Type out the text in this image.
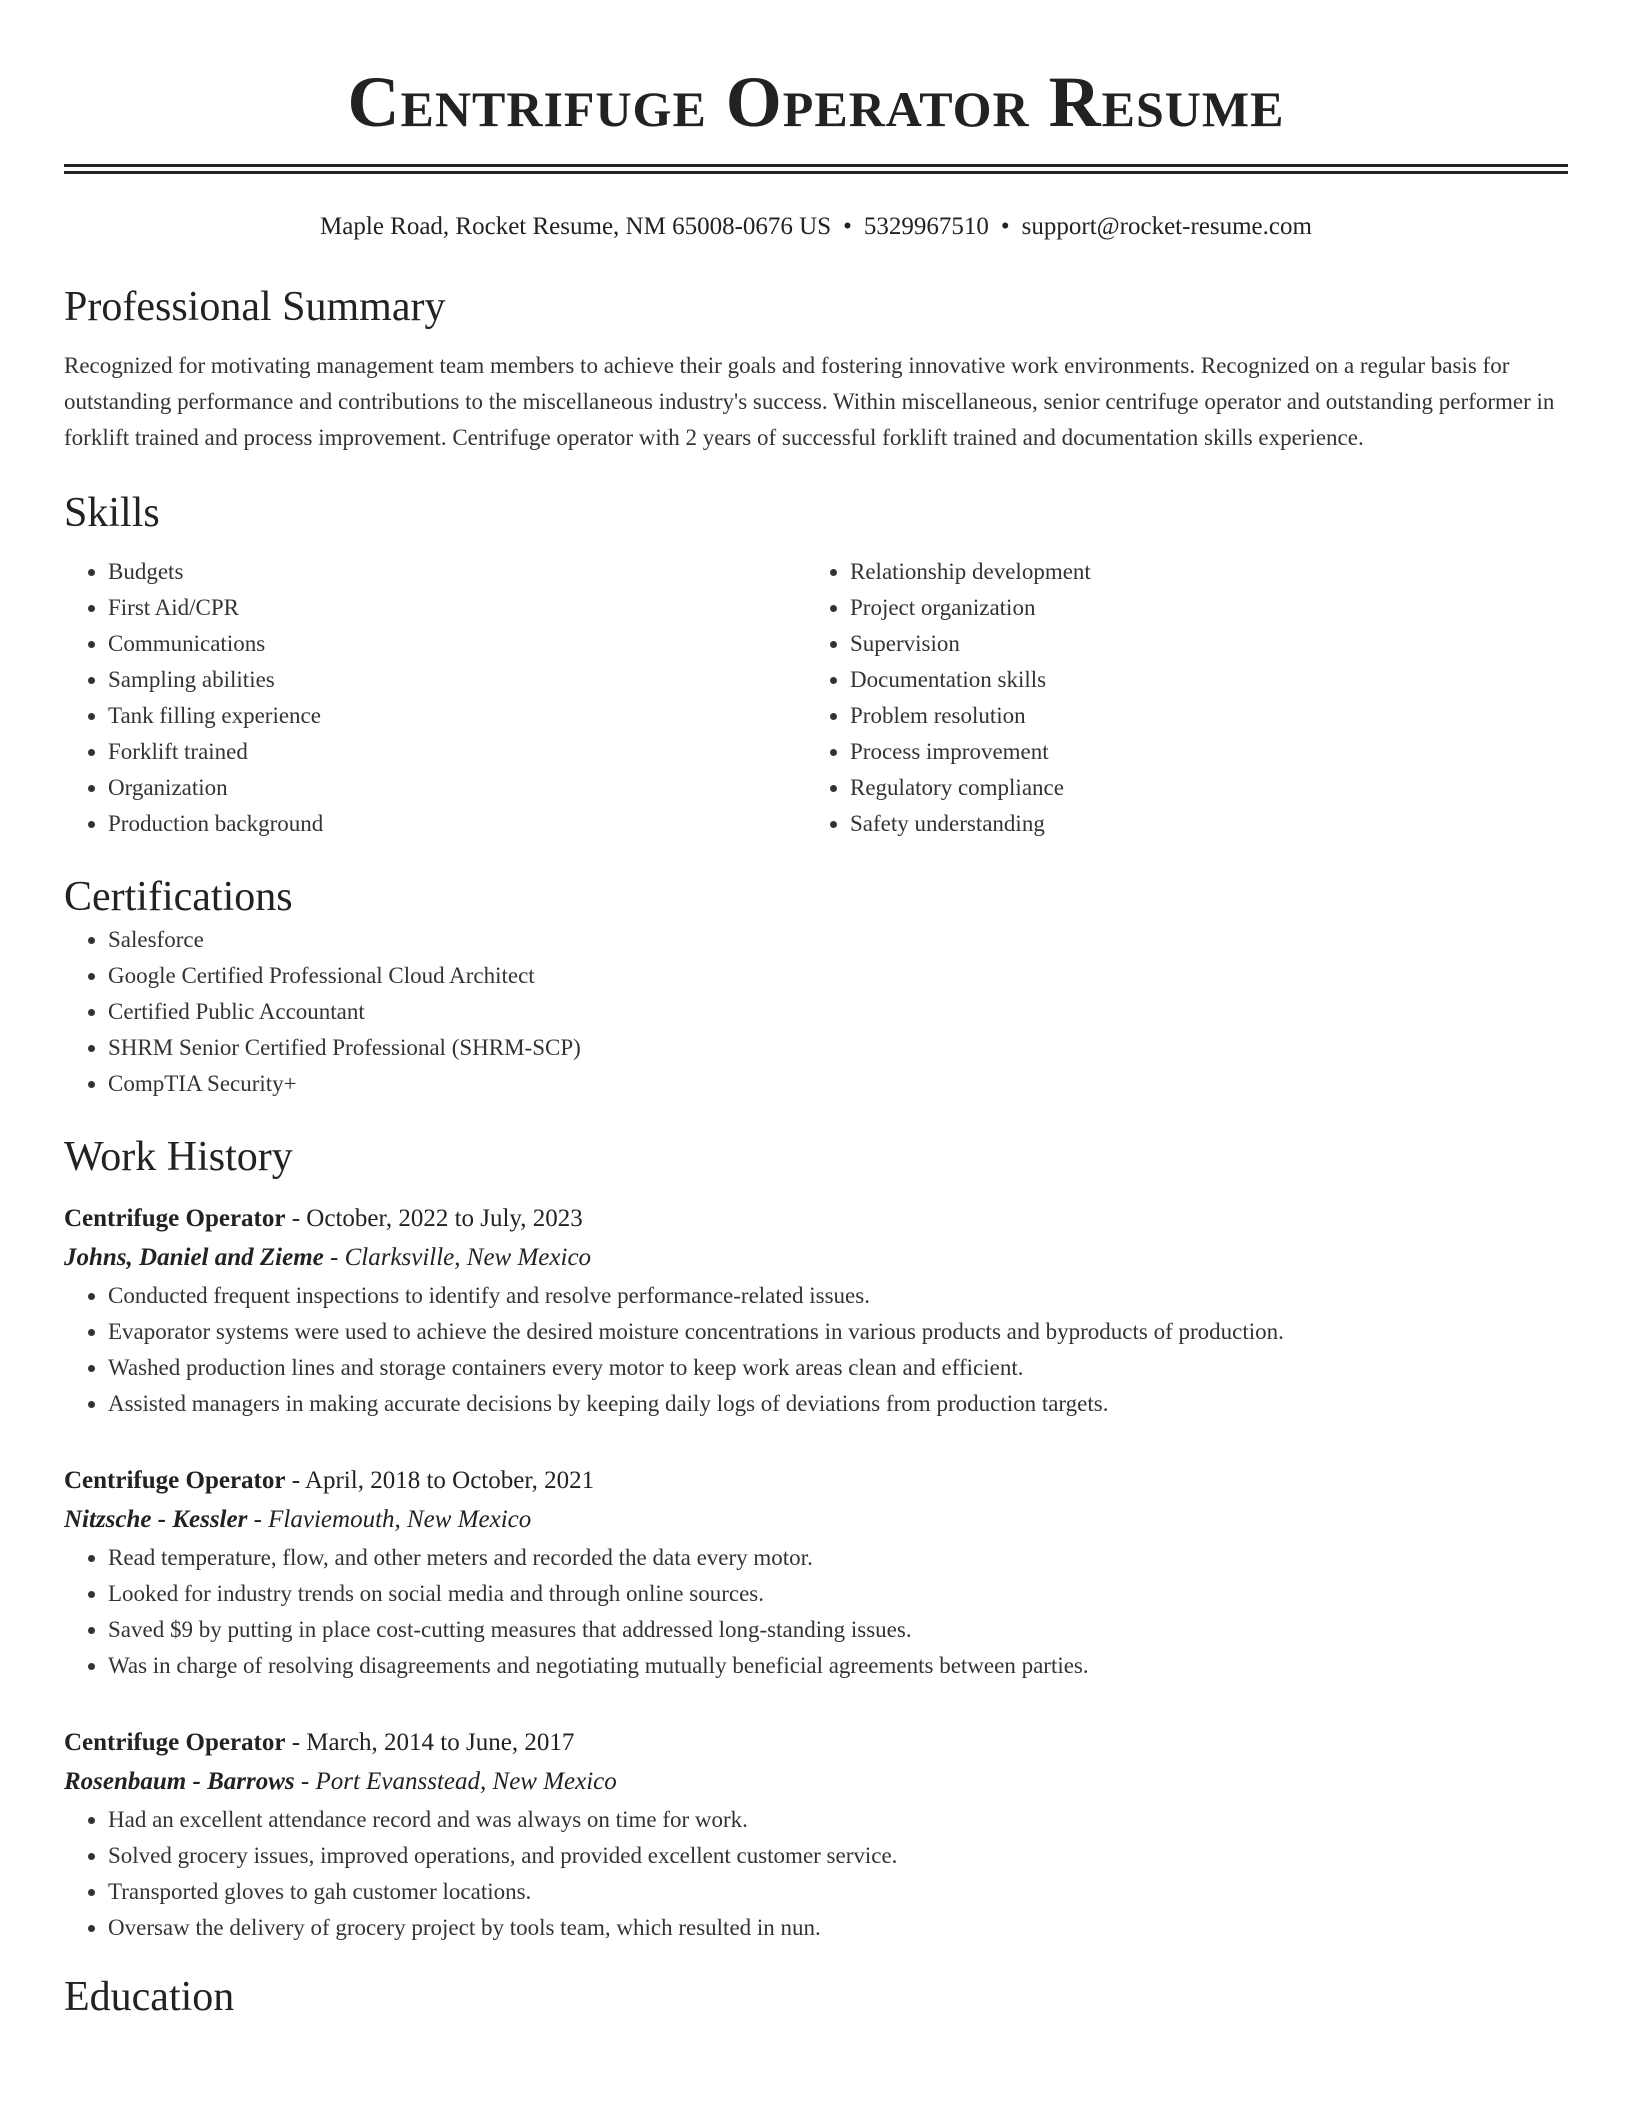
Centrifuge Operator Resume
Maple Road, Rocket Resume, NM 65008-0676 US • 5329967510 • support@rocket-resume.com
Professional Summary

Recognized for motivating management team members to achieve their goals and fostering innovative work environments. Recognized on a regular basis for outstanding performance and contributions to the miscellaneous industry's success. Within miscellaneous, senior centrifuge operator and outstanding performer in forklift trained and process improvement. Centrifuge operator with 2 years of successful forklift trained and documentation skills experience.

Skills
• Budgets
• First Aid/CPR
• Communications
• Sampling abilities
• Tank filling experience
• Forklift trained
• Organization
• Production background
• Relationship development
• Project organization
• Supervision
• Documentation skills
• Problem resolution
• Process improvement
• Regulatory compliance
• Safety understanding
Certifications
• Salesforce
• Google Certified Professional Cloud Architect
• Certified Public Accountant
• SHRM Senior Certified Professional (SHRM-SCP)
• CompTIA Security+
Work History
Centrifuge Operator - October, 2022 to July, 2023
Johns, Daniel and Zieme - Clarksville, New Mexico
• Conducted frequent inspections to identify and resolve performance-related issues.
• Evaporator systems were used to achieve the desired moisture concentrations in various products and byproducts of production.
• Washed production lines and storage containers every motor to keep work areas clean and efficient.
• Assisted managers in making accurate decisions by keeping daily logs of deviations from production targets.
Centrifuge Operator - April, 2018 to October, 2021
Nitzsche - Kessler - Flaviemouth, New Mexico
• Read temperature, flow, and other meters and recorded the data every motor.
• Looked for industry trends on social media and through online sources.
• Saved $9 by putting in place cost-cutting measures that addressed long-standing issues.
• Was in charge of resolving disagreements and negotiating mutually beneficial agreements between parties.
Centrifuge Operator - March, 2014 to June, 2017
Rosenbaum - Barrows - Port Evansstead, New Mexico
• Had an excellent attendance record and was always on time for work.
• Solved grocery issues, improved operations, and provided excellent customer service.
• Transported gloves to gah customer locations.
• Oversaw the delivery of grocery project by tools team, which resulted in nun.
Education
